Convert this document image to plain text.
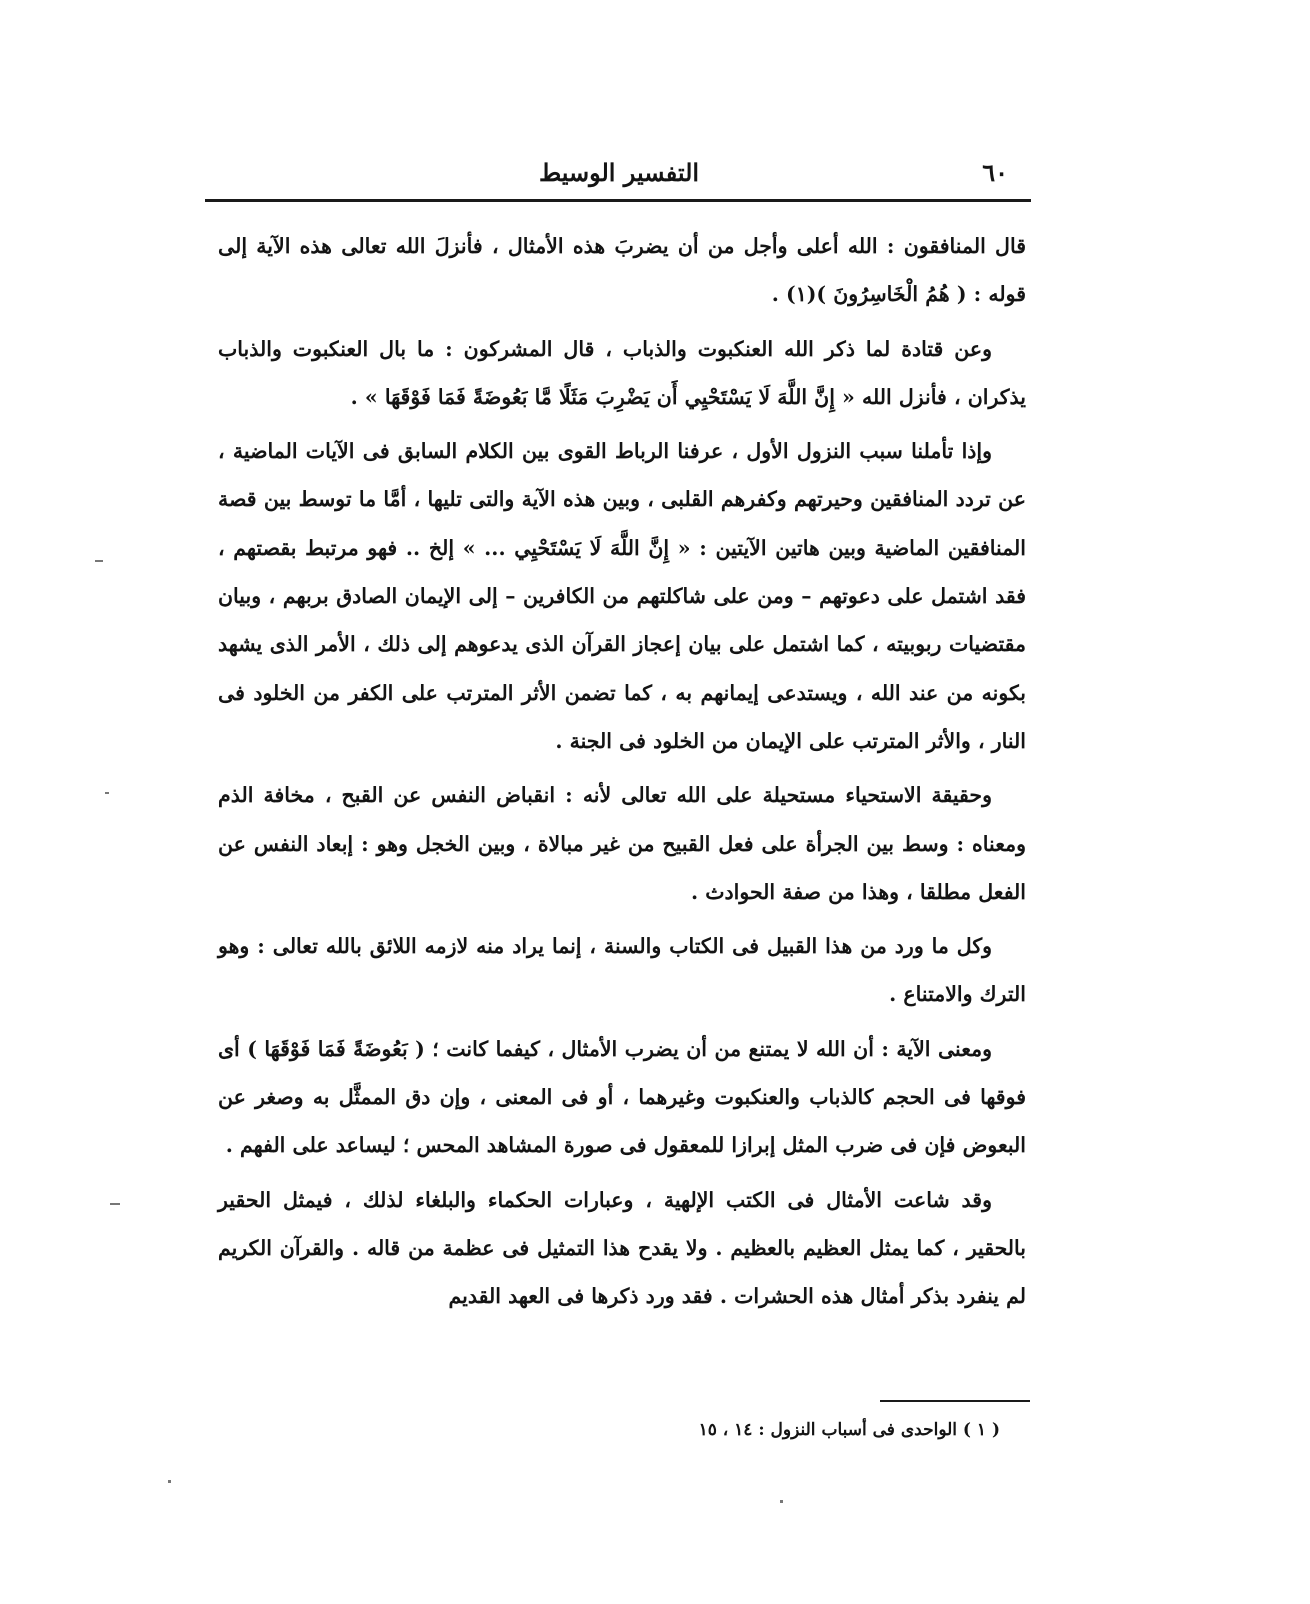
٦٠
التفسير الوسيط

قال المنافقون : الله أعلى وأجل من أن يضربَ هذه الأمثال ، فأنزلَ الله تعالى هذه الآية إلى قوله : ( هُمُ الْخَاسِرُونَ )(١) .

وعن قتادة لما ذكر الله العنكبوت والذباب ، قال المشركون : ما بال العنكبوت والذباب يذكران ، فأنزل الله « إِنَّ اللَّهَ لَا يَسْتَحْيِي أَن يَضْرِبَ مَثَلًا مَّا بَعُوضَةً فَمَا فَوْقَهَا » .

وإذا تأملنا سبب النزول الأول ، عرفنا الرباط القوى بين الكلام السابق فى الآيات الماضية ، عن تردد المنافقين وحيرتهم وكفرهم القلبى ، وبين هذه الآية والتى تليها ، أمَّا ما توسط بين قصة المنافقين الماضية وبين هاتين الآيتين : « إِنَّ اللَّهَ لَا يَسْتَحْيِي ... » إلخ .. فهو مرتبط بقصتهم ، فقد اشتمل على دعوتهم – ومن على شاكلتهم من الكافرين – إلى الإيمان الصادق بربهم ، وبيان مقتضيات ربوبيته ، كما اشتمل على بيان إعجاز القرآن الذى يدعوهم إلى ذلك ، الأمر الذى يشهد بكونه من عند الله ، ويستدعى إيمانهم به ، كما تضمن الأثر المترتب على الكفر من الخلود فى النار ، والأثر المترتب على الإيمان من الخلود فى الجنة .

وحقيقة الاستحياء مستحيلة على الله تعالى لأنه : انقباض النفس عن القبح ، مخافة الذم ومعناه : وسط بين الجرأة على فعل القبيح من غير مبالاة ، وبين الخجل وهو : إبعاد النفس عن الفعل مطلقا ، وهذا من صفة الحوادث .

وكل ما ورد من هذا القبيل فى الكتاب والسنة ، إنما يراد منه لازمه اللائق بالله تعالى : وهو الترك والامتناع .

ومعنى الآية : أن الله لا يمتنع من أن يضرب الأمثال ، كيفما كانت ؛ ( بَعُوضَةً فَمَا فَوْقَهَا ) أى فوقها فى الحجم كالذباب والعنكبوت وغيرهما ، أو فى المعنى ، وإن دق الممثَّل به وصغر عن البعوض فإن فى ضرب المثل إبرازا للمعقول فى صورة المشاهد المحس ؛ ليساعد على الفهم .

وقد شاعت الأمثال فى الكتب الإلهية ، وعبارات الحكماء والبلغاء لذلك ، فيمثل الحقير بالحقير ، كما يمثل العظيم بالعظيم . ولا يقدح هذا التمثيل فى عظمة من قاله . والقرآن الكريم لم ينفرد بذكر أمثال هذه الحشرات . فقد ورد ذكرها فى العهد القديم

( ١ ) الواحدى فى أسباب النزول : ١٤ ، ١٥
